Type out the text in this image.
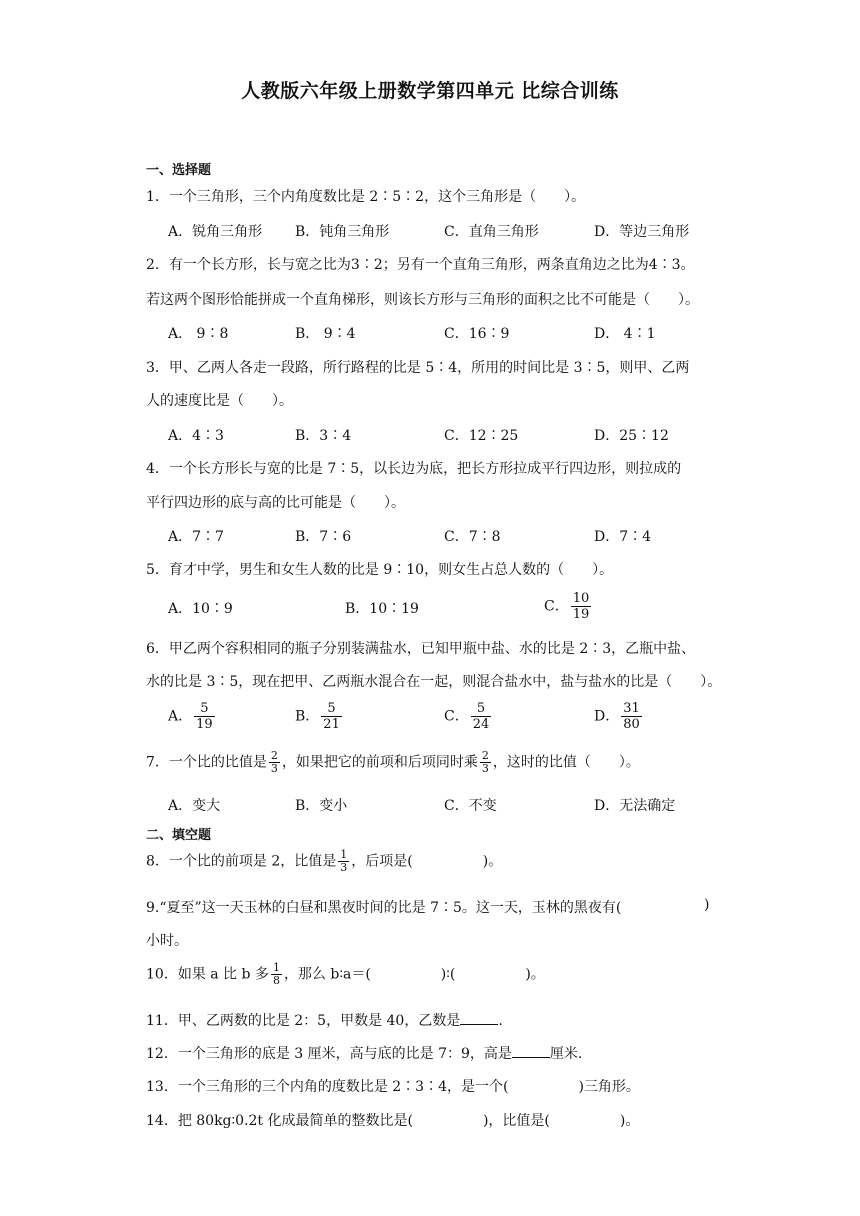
人教版六年级上册数学第四单元 比综合训练
一、选择题
1．一个三角形，三个内角度数比是 2∶5∶2，这个三角形是（　　）。
A．锐角三角形 B．钝角三角形	C．直角三角形	D．等边三角形
2．有一个长方形，长与宽之比为3∶2；另有一个直角三角形，两条直角边之比为4∶3。
若这两个图形恰能拼成一个直角梯形，则该长方形与三角形的面积之比不可能是（　　）。
A． 9∶8	B． 9∶4	C．16∶9	D． 4∶1
3．甲、乙两人各走一段路，所行路程的比是 5∶4，所用的时间比是 3∶5，则甲、乙两
人的速度比是（　　）。
A．4∶3	B．3∶4	C．12∶25	D．25∶12
4．一个长方形长与宽的比是 7∶5，以长边为底，把长方形拉成平行四边形，则拉成的
平行四边形的底与高的比可能是（　　）。
A．7∶7	B．7∶6	C．7∶8	D．7∶4
5．育才中学，男生和女生人数的比是 9∶10，则女生占总人数的（　　）。
A．10∶9	B．10∶19	C． $\frac{10}{19}$
6．甲乙两个容积相同的瓶子分别装满盐水，已知甲瓶中盐、水的比是 2∶3，乙瓶中盐、
水的比是 3∶5，现在把甲、乙两瓶水混合在一起，则混合盐水中，盐与盐水的比是（　　）。
A． $\frac{5}{19}$	B． $\frac{5}{21}$	C． $\frac{5}{24}$	D． $\frac{31}{80}$
7．一个比的比值是 $\frac{2}{3}$ ，如果把它的前项和后项同时乘 $\frac{2}{3}$ ，这时的比值（　　）。
A．变大	B．变小	C．不变	D．无法确定
二、填空题
8．一个比的前项是 2，比值是 $\frac{1}{3}$ ，后项是(　　　　　)。
9.“夏至”这一天玉林的白昼和黑夜时间的比是 7∶5。这一天，玉林的黑夜有(	)
小时。
10．如果 a 比 b 多 $\frac{1}{8}$ ，那么 b∶a＝(　　　　　)∶(　　　　　)。
11．甲、乙两数的比是 2：5，甲数是 40，乙数是	.
12．一个三角形的底是 3 厘米，高与底的比是 7：9，高是	厘米.
13．一个三角形的三个内角的度数比是 2∶3∶4，是一个(　　　　　)三角形。
14．把 80kg∶0.2t 化成最简单的整数比是(　　　　　)，比值是(　　　　　)。
